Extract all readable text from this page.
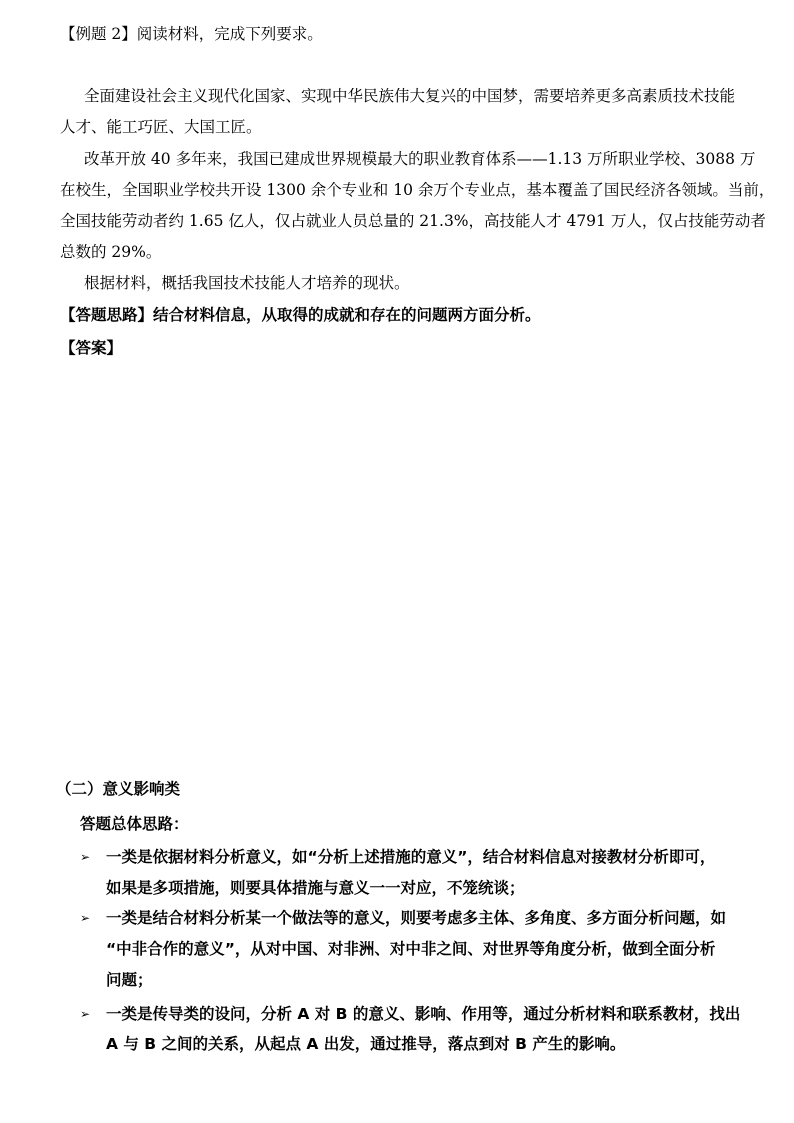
【例题 2】阅读材料，完成下列要求。
全面建设社会主义现代化国家、实现中华民族伟大复兴的中国梦，需要培养更多高素质技术技能
人才、能工巧匠、大国工匠。
改革开放 40 多年来，我国已建成世界规模最大的职业教育体系——1.13 万所职业学校、3088 万
在校生，全国职业学校共开设 1300 余个专业和 10 余万个专业点，基本覆盖了国民经济各领域。当前，
全国技能劳动者约 1.65 亿人，仅占就业人员总量的 21.3%，高技能人才 4791 万人，仅占技能劳动者
总数的 29%。
根据材料，概括我国技术技能人才培养的现状。
【答题思路】结合材料信息，从取得的成就和存在的问题两方面分析。
【答案】
（二）意义影响类
答题总体思路：
➢ 一类是依据材料分析意义，如“分析上述措施的意义”，结合材料信息对接教材分析即可，
如果是多项措施，则要具体措施与意义一一对应，不笼统谈；
➢ 一类是结合材料分析某一个做法等的意义，则要考虑多主体、多角度、多方面分析问题，如
“中非合作的意义”，从对中国、对非洲、对中非之间、对世界等角度分析，做到全面分析
问题；
➢ 一类是传导类的设问，分析 A 对 B 的意义、影响、作用等，通过分析材料和联系教材，找出
A 与 B 之间的关系，从起点 A 出发，通过推导，落点到对 B 产生的影响。
